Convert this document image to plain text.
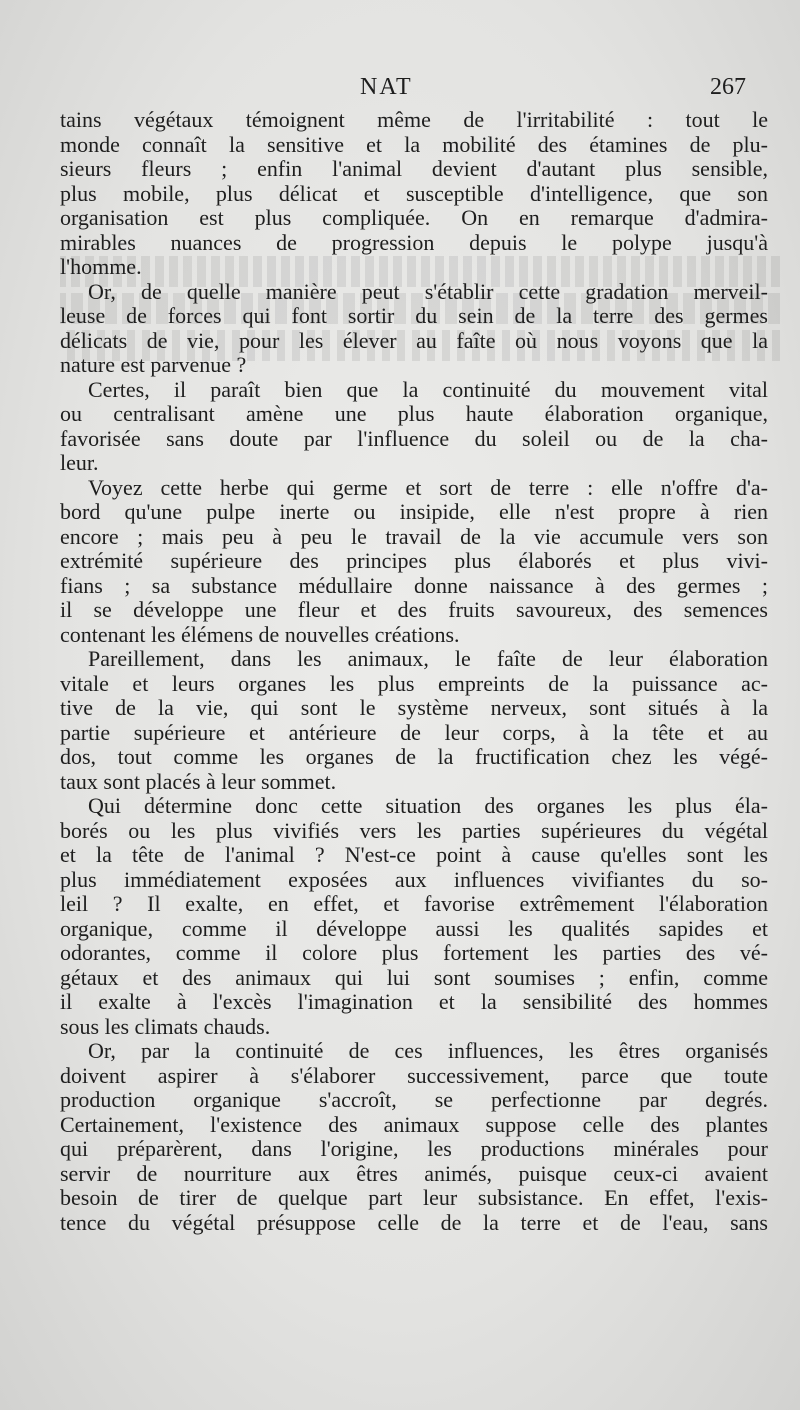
NAT	267

tains végétaux témoignent même de l'irritabilité : tout le

monde connaît la sensitive et la mobilité des étamines de plu-

sieurs fleurs ; enfin l'animal devient d'autant plus sensible,

plus mobile, plus délicat et susceptible d'intelligence, que son

organisation est plus compliquée. On en remarque d'admira-

mirables nuances de progression depuis le polype jusqu'à

l'homme.

Or, de quelle manière peut s'établir cette gradation merveil-

leuse de forces qui font sortir du sein de la terre des germes

délicats de vie, pour les élever au faîte où nous voyons que la

nature est parvenue ?

Certes, il paraît bien que la continuité du mouvement vital

ou centralisant amène une plus haute élaboration organique,

favorisée sans doute par l'influence du soleil ou de la cha-

leur.

Voyez cette herbe qui germe et sort de terre : elle n'offre d'a-

bord qu'une pulpe inerte ou insipide, elle n'est propre à rien

encore ; mais peu à peu le travail de la vie accumule vers son

extrémité supérieure des principes plus élaborés et plus vivi-

fians ; sa substance médullaire donne naissance à des germes ;

il se développe une fleur et des fruits savoureux, des semences

contenant les élémens de nouvelles créations.

Pareillement, dans les animaux, le faîte de leur élaboration

vitale et leurs organes les plus empreints de la puissance ac-

tive de la vie, qui sont le système nerveux, sont situés à la

partie supérieure et antérieure de leur corps, à la tête et au

dos, tout comme les organes de la fructification chez les végé-

taux sont placés à leur sommet.

Qui détermine donc cette situation des organes les plus éla-

borés ou les plus vivifiés vers les parties supérieures du végétal

et la tête de l'animal ? N'est-ce point à cause qu'elles sont les

plus immédiatement exposées aux influences vivifiantes du so-

leil ? Il exalte, en effet, et favorise extrêmement l'élaboration

organique, comme il développe aussi les qualités sapides et

odorantes, comme il colore plus fortement les parties des vé-

gétaux et des animaux qui lui sont soumises ; enfin, comme

il exalte à l'excès l'imagination et la sensibilité des hommes

sous les climats chauds.

Or, par la continuité de ces influences, les êtres organisés

doivent aspirer à s'élaborer successivement, parce que toute

production organique s'accroît, se perfectionne par degrés.

Certainement, l'existence des animaux suppose celle des plantes

qui préparèrent, dans l'origine, les productions minérales pour

servir de nourriture aux êtres animés, puisque ceux-ci avaient

besoin de tirer de quelque part leur subsistance. En effet, l'exis-

tence du végétal présuppose celle de la terre et de l'eau, sans
